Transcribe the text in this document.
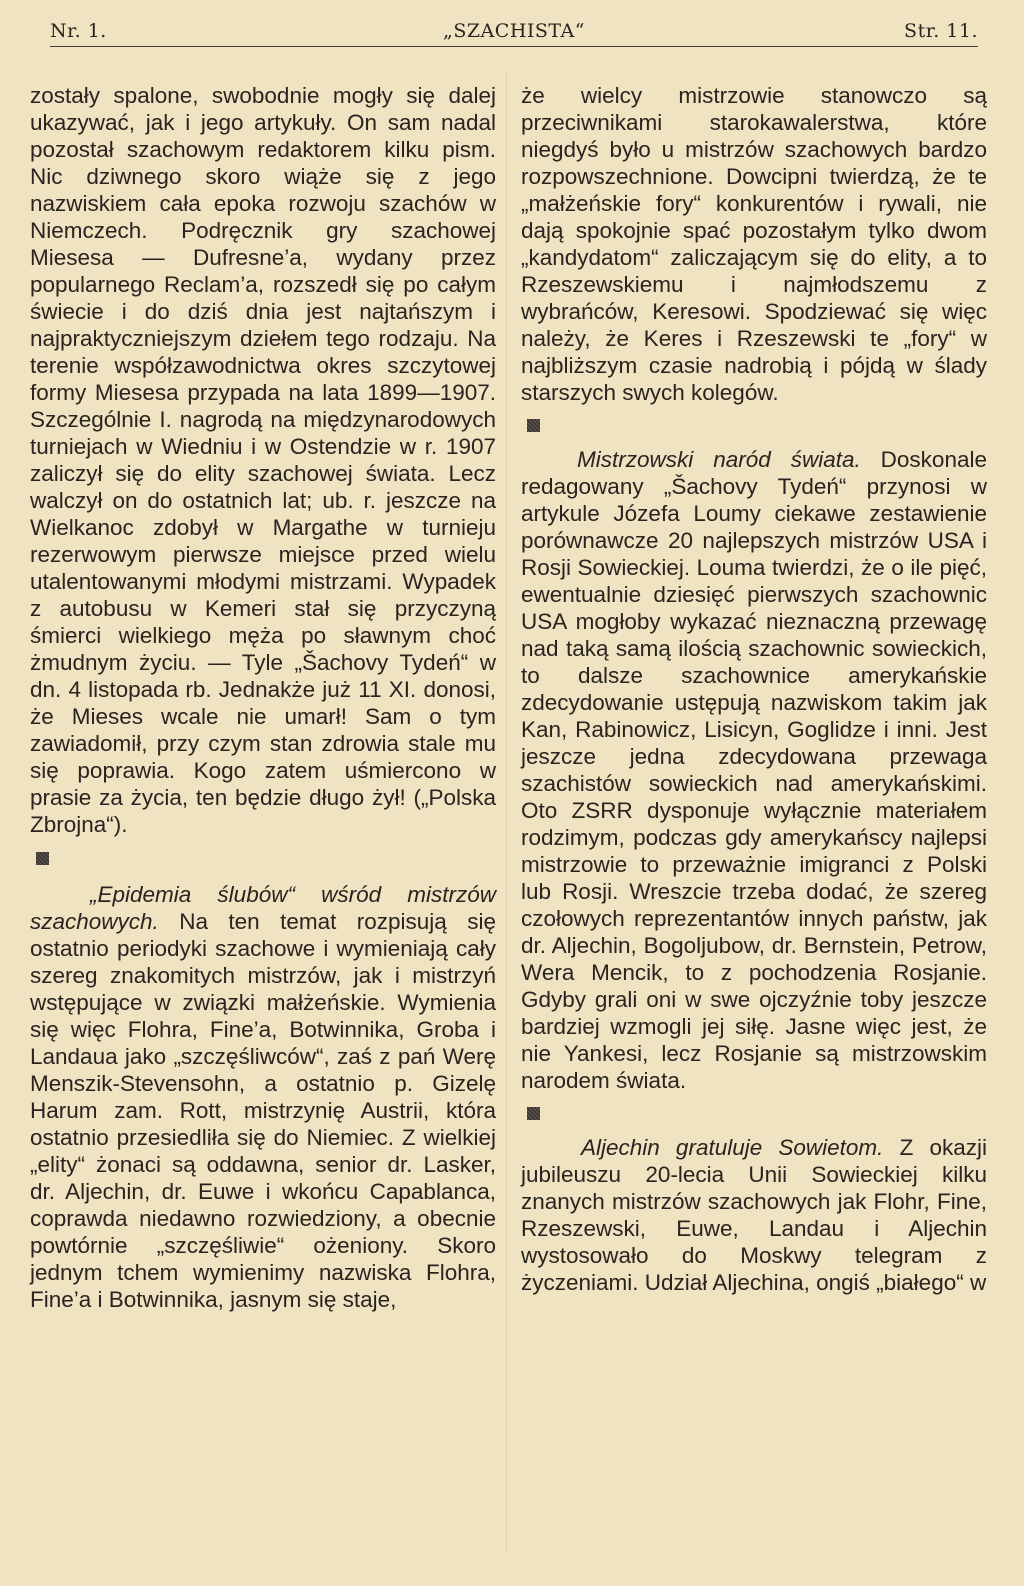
Nr. 1.	„SZACHISTA“	Str. 11.

zostały spalone, swobodnie mogły się dalej ukazywać, jak i jego artykuły. On sam nadal pozostał szachowym redaktorem kilku pism. Nic dziwnego skoro wiąże się z jego nazwiskiem cała epoka rozwoju szachów w Niemczech. Podręcznik gry szachowej Miesesa — Dufresne’a, wydany przez popularnego Reclam’a, rozszedł się po całym świecie i do dziś dnia jest najtańszym i najpraktyczniejszym dziełem tego rodzaju. Na terenie współzawodnictwa okres szczytowej formy Miesesa przypada na lata 1899—1907. Szczególnie I. nagrodą na międzynarodowych turniejach w Wiedniu i w Ostendzie w r. 1907 zaliczył się do elity szachowej świata. Lecz walczył on do ostatnich lat; ub. r. jeszcze na Wielkanoc zdobył w Margathe w turnieju rezerwowym pierwsze miejsce przed wielu utalentowanymi młodymi mistrzami. Wypadek z autobusu w Kemeri stał się przyczyną śmierci wielkiego męża po sławnym choć żmudnym życiu. — Tyle „Šachovy Tydeń“ w dn. 4 listopada rb. Jednakże już 11 XI. donosi, że Mieses wcale nie umarł! Sam o tym zawiadomił, przy czym stan zdrowia stale mu się poprawia. Kogo zatem uśmiercono w prasie za życia, ten będzie długo żył! („Polska Zbrojna“).

„Epidemia ślubów“ wśród mistrzów szachowych. Na ten temat rozpisują się ostatnio periodyki szachowe i wymieniają cały szereg znakomitych mistrzów, jak i mistrzyń wstępujące w związki małżeńskie. Wymienia się więc Flohra, Fine’a, Botwinnika, Groba i Landaua jako „szczęśliwców“, zaś z pań Werę Menszik-Stevensohn, a ostatnio p. Gizelę Harum zam. Rott, mistrzynię Austrii, która ostatnio przesiedliła się do Niemiec. Z wielkiej „elity“ żonaci są oddawna, senior dr. Lasker, dr. Aljechin, dr. Euwe i wkońcu Capablanca, coprawda niedawno rozwiedziony, a obecnie powtórnie „szczęśliwie“ ożeniony. Skoro jednym tchem wymienimy nazwiska Flohra, Fine’a i Botwinnika, jasnym się staje,

że wielcy mistrzowie stanowczo są przeciwnikami starokawalerstwa, które niegdyś było u mistrzów szachowych bardzo rozpowszechnione. Dowcipni twierdzą, że te „małżeńskie fory“ konkurentów i rywali, nie dają spokojnie spać pozostałym tylko dwom „kandydatom“ zaliczającym się do elity, a to Rzeszewskiemu i najmłodszemu z wybrańców, Keresowi. Spodziewać się więc należy, że Keres i Rzeszewski te „fory“ w najbliższym czasie nadrobią i pójdą w ślady starszych swych kolegów.

Mistrzowski naród świata. Doskonale redagowany „Šachovy Tydeń“ przynosi w artykule Józefa Loumy ciekawe zestawienie porównawcze 20 najlepszych mistrzów USA i Rosji Sowieckiej. Louma twierdzi, że o ile pięć, ewentualnie dziesięć pierwszych szachownic USA mogłoby wykazać nieznaczną przewagę nad taką samą ilością szachownic sowieckich, to dalsze szachownice amerykańskie zdecydowanie ustępują nazwiskom takim jak Kan, Rabinowicz, Lisicyn, Goglidze i inni. Jest jeszcze jedna zdecydowana przewaga szachistów sowieckich nad amerykańskimi. Oto ZSRR dysponuje wyłącznie materiałem rodzimym, podczas gdy amerykańscy najlepsi mistrzowie to przeważnie imigranci z Polski lub Rosji. Wreszcie trzeba dodać, że szereg czołowych reprezentantów innych państw, jak dr. Aljechin, Bogoljubow, dr. Bernstein, Petrow, Wera Mencik, to z pochodzenia Rosjanie. Gdyby grali oni w swe ojczyźnie toby jeszcze bardziej wzmogli jej siłę. Jasne więc jest, że nie Yankesi, lecz Rosjanie są mistrzowskim narodem świata.

Aljechin gratuluje Sowietom. Z okazji jubileuszu 20-lecia Unii Sowieckiej kilku znanych mistrzów szachowych jak Flohr, Fine, Rzeszewski, Euwe, Landau i Aljechin wystosowało do Moskwy telegram z życzeniami. Udział Aljechina, ongiś „białego“ w
